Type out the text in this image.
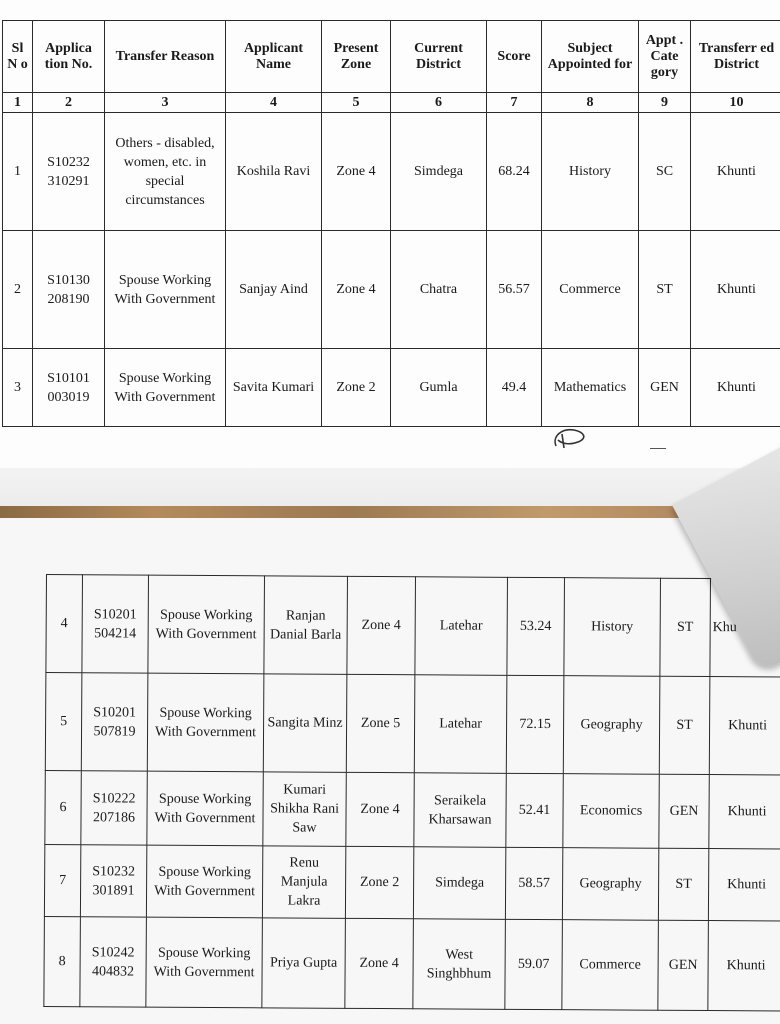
Sl N o	Applica tion No.	Transfer Reason	Applicant Name	Present Zone	Current District	Score	Subject Appointed for	Appt . Cate gory	Transferr ed District
1	2	3	4	5	6	7	8	9	10
1	S10232 310291	Others - disabled, women, etc. in special circumstances	Koshila Ravi	Zone 4	Simdega	68.24	History	SC	Khunti
2	S10130 208190	Spouse Working With Government	Sanjay Aind	Zone 4	Chatra	56.57	Commerce	ST	Khunti
3	S10101 003019	Spouse Working With Government	Savita Kumari	Zone 2	Gumla	49.4	Mathematics	GEN	Khunti
4	S10201 504214	Spouse Working With Government	Ranjan Danial Barla	Zone 4	Latehar	53.24	History	ST	Khu
5	S10201 507819	Spouse Working With Government	Sangita Minz	Zone 5	Latehar	72.15	Geography	ST	Khunti
6	S10222 207186	Spouse Working With Government	Kumari Shikha Rani Saw	Zone 4	Seraikela Kharsawan	52.41	Economics	GEN	Khunti
7	S10232 301891	Spouse Working With Government	Renu Manjula Lakra	Zone 2	Simdega	58.57	Geography	ST	Khunti
8	S10242 404832	Spouse Working With Government	Priya Gupta	Zone 4	West Singhbhum	59.07	Commerce	GEN	Khunti
